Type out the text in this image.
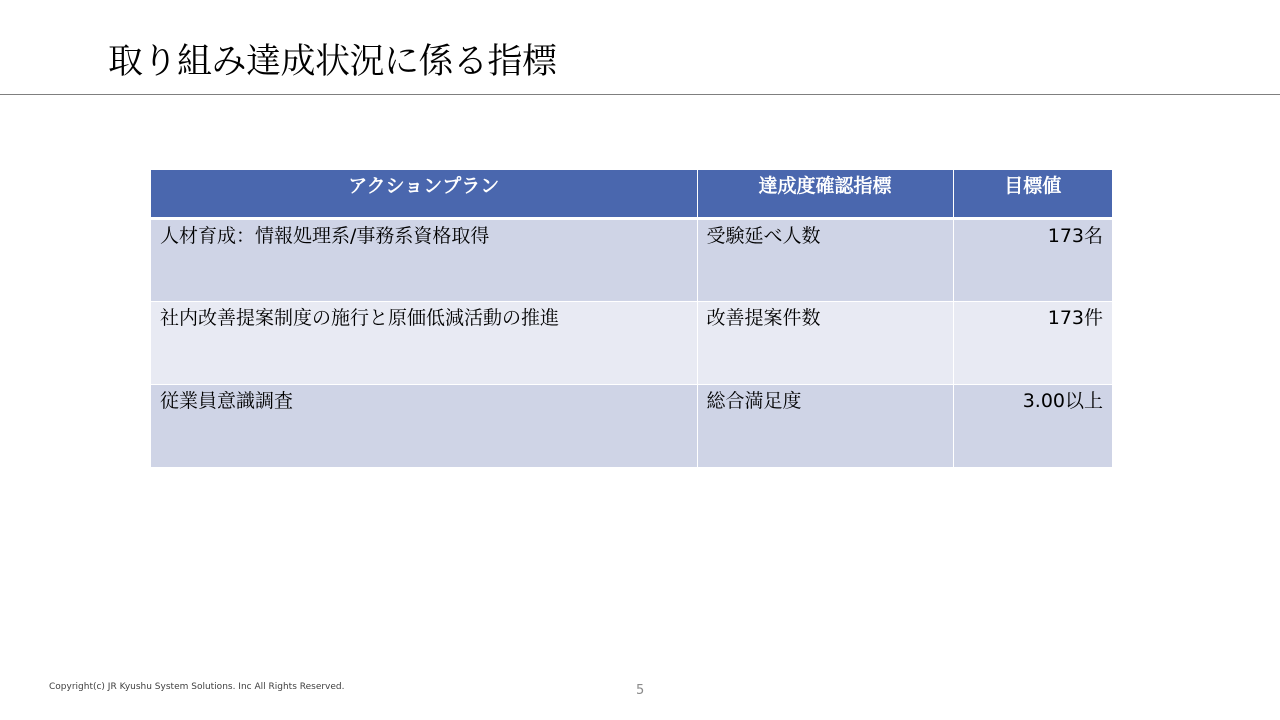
取り組み達成状況に係る指標
アクションプラン	達成度確認指標	目標値
人材育成：情報処理系/事務系資格取得	受験延べ人数	173名
社内改善提案制度の施行と原価低減活動の推進	改善提案件数	173件
従業員意識調査	総合満足度	3.00以上
Copyright(c) JR Kyushu System Solutions. Inc All Rights Reserved.	5
